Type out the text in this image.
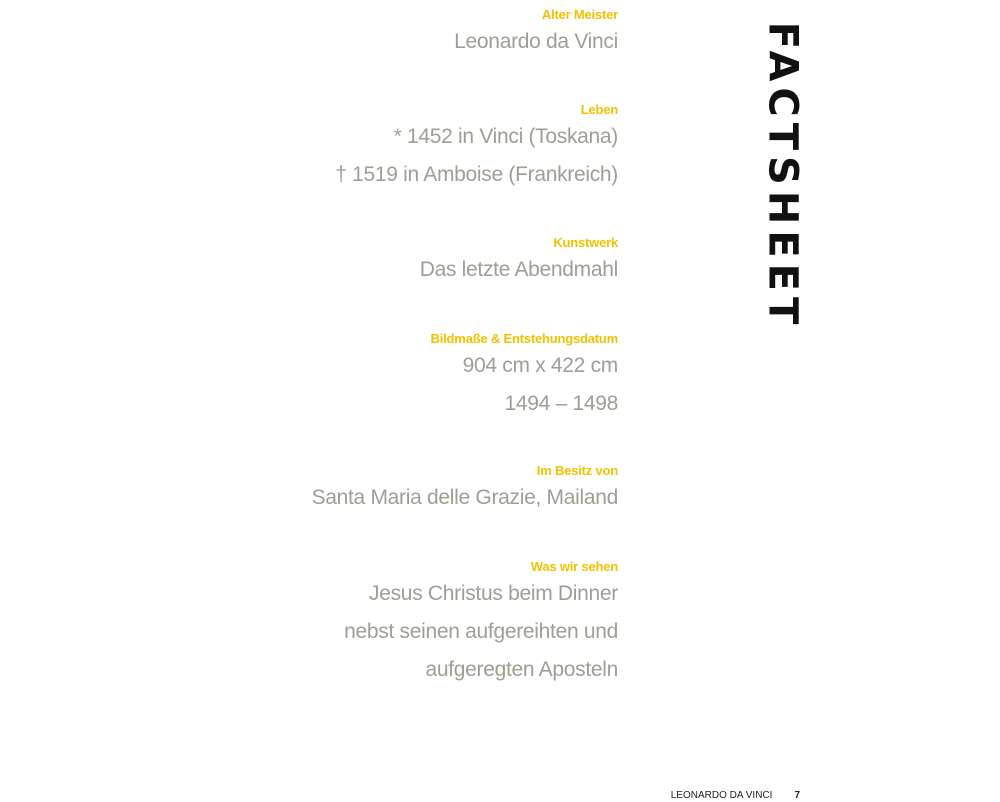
Alter Meister
Leonardo da Vinci
Leben
* 1452 in Vinci (Toskana)
† 1519 in Amboise (Frankreich)
Kunstwerk
Das letzte Abendmahl
Bildmaße & Entstehungsdatum
904 cm x 422 cm
1494 – 1498
Im Besitz von
Santa Maria delle Grazie, Mailand
Was wir sehen
Jesus Christus beim Dinner
nebst seinen aufgereihten und
aufgeregten Aposteln
FACTSHEET
LEONARDO DA VINCI 7
